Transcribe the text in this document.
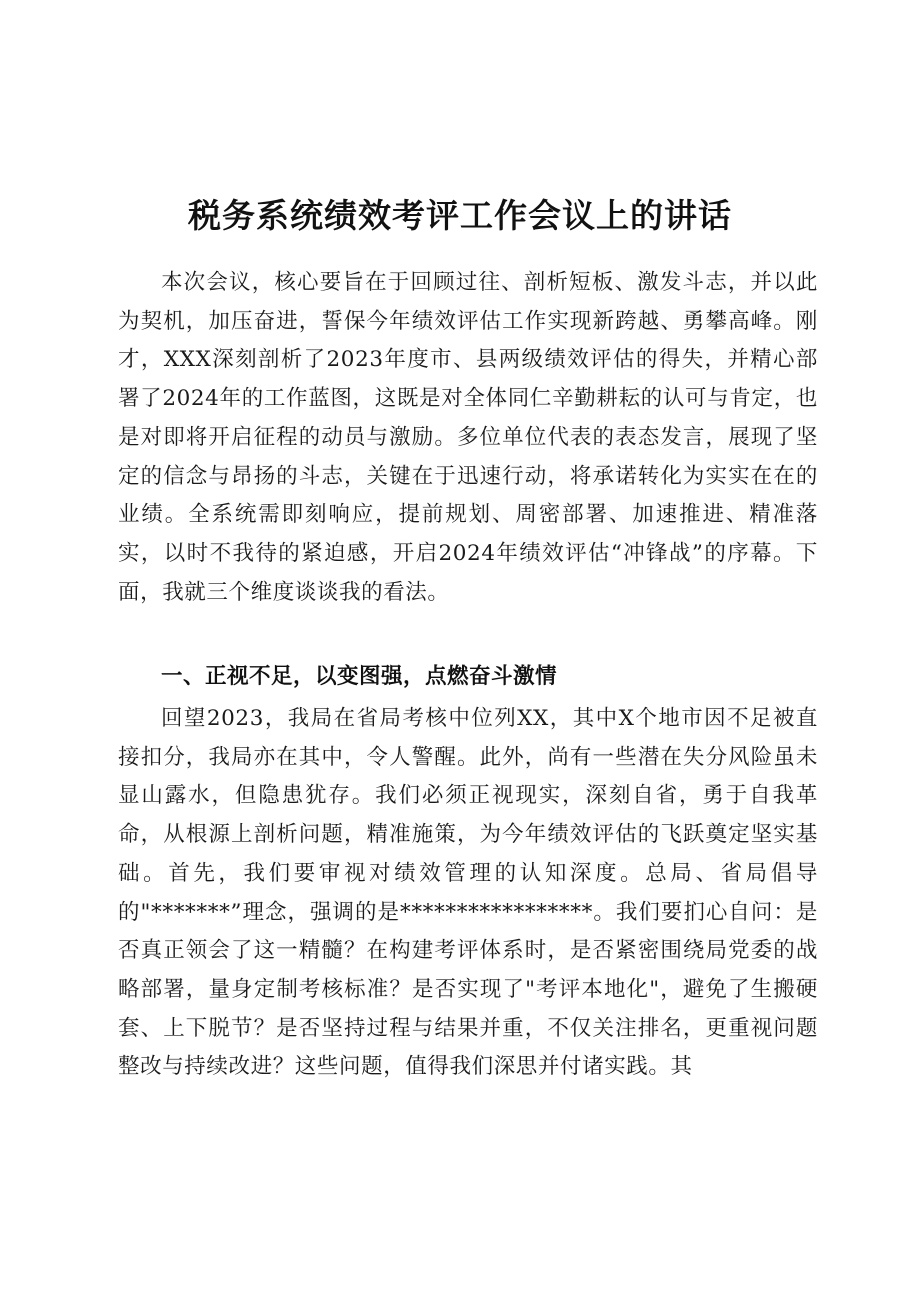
税务系统绩效考评工作会议上的讲话

本次会议，核心要旨在于回顾过往、剖析短板、激发斗志，并以此为契机，加压奋进，誓保今年绩效评估工作实现新跨越、勇攀高峰。刚才，XXX深刻剖析了2023年度市、县两级绩效评估的得失，并精心部署了2024年的工作蓝图，这既是对全体同仁辛勤耕耘的认可与肯定，也是对即将开启征程的动员与激励。多位单位代表的表态发言，展现了坚定的信念与昂扬的斗志，关键在于迅速行动，将承诺转化为实实在在的业绩。全系统需即刻响应，提前规划、周密部署、加速推进、精准落实，以时不我待的紧迫感，开启2024年绩效评估“冲锋战”的序幕。下面，我就三个维度谈谈我的看法。

一、正视不足，以变图强，点燃奋斗激情

回望2023，我局在省局考核中位列XX，其中X个地市因不足被直接扣分，我局亦在其中，令人警醒。此外，尚有一些潜在失分风险虽未显山露水，但隐患犹存。我们必须正视现实，深刻自省，勇于自我革命，从根源上剖析问题，精准施策，为今年绩效评估的飞跃奠定坚实基础。首先，我们要审视对绩效管理的认知深度。总局、省局倡导的"*******”理念，强调的是*****************。我们要扪心自问：是否真正领会了这一精髓？在构建考评体系时，是否紧密围绕局党委的战略部署，量身定制考核标准？是否实现了"考评本地化"，避免了生搬硬套、上下脱节？是否坚持过程与结果并重，不仅关注排名，更重视问题整改与持续改进？这些问题，值得我们深思并付诸实践。其
